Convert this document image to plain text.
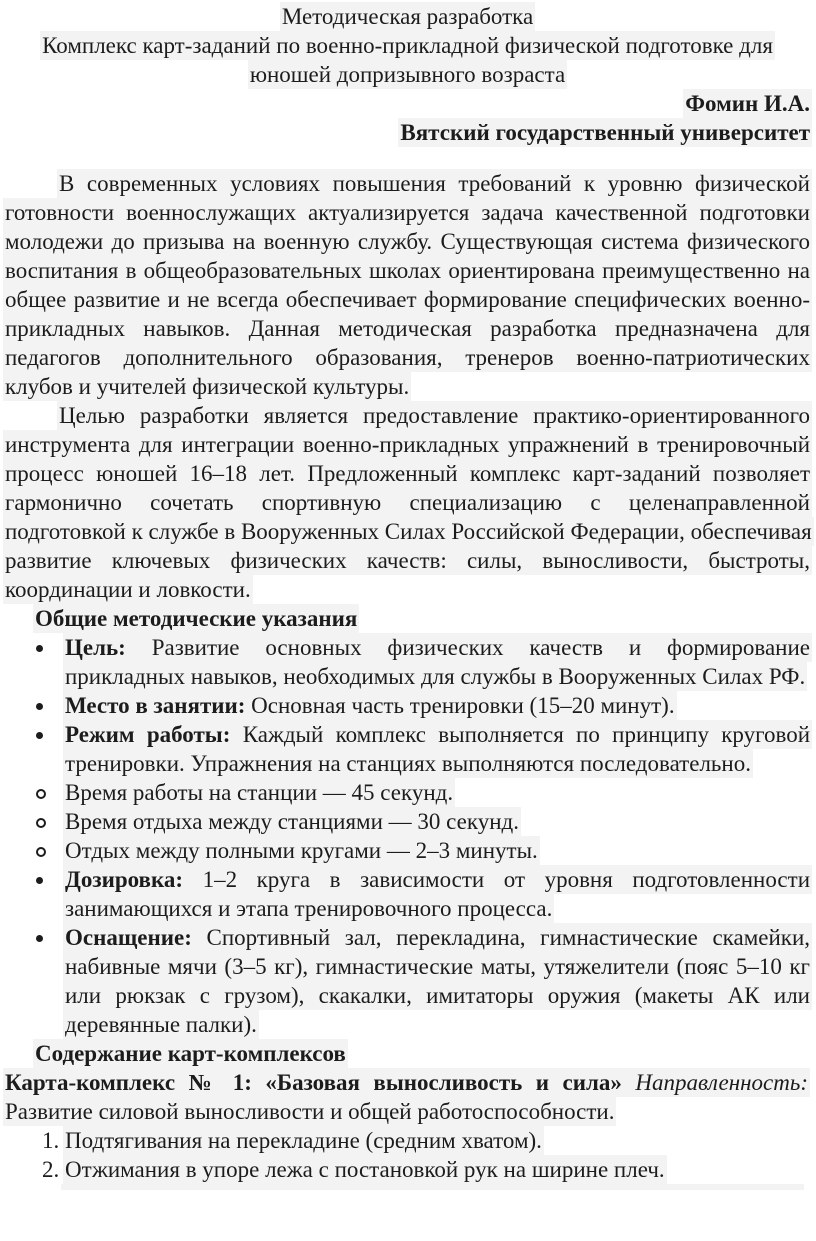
Методическая разработка

Комплекс карт-заданий по военно-прикладной физической подготовке для юношей допризывного возраста

Фомин И.А.

Вятский государственный университет

В современных условиях повышения требований к уровню физической готовности военнослужащих актуализируется задача качественной подготовки молодежи до призыва на военную службу. Существующая система физического воспитания в общеобразовательных школах ориентирована преимущественно на общее развитие и не всегда обеспечивает формирование специфических военно-прикладных навыков. Данная методическая разработка предназначена для педагогов дополнительного образования, тренеров военно-патриотических клубов и учителей физической культуры.

Целью разработки является предоставление практико-ориентированного инструмента для интеграции военно-прикладных упражнений в тренировочный процесс юношей 16–18 лет. Предложенный комплекс карт-заданий позволяет гармонично сочетать спортивную специализацию с целенаправленной подготовкой к службе в Вооруженных Силах Российской Федерации, обеспечивая развитие ключевых физических качеств: силы, выносливости, быстроты, координации и ловкости.

Общие методические указания

Цель: Развитие основных физических качеств и формирование прикладных навыков, необходимых для службы в Вооруженных Силах РФ.
Место в занятии: Основная часть тренировки (15–20 минут).
Режим работы: Каждый комплекс выполняется по принципу круговой тренировки. Упражнения на станциях выполняются последовательно.
Время работы на станции — 45 секунд.
Время отдыха между станциями — 30 секунд.
Отдых между полными кругами — 2–3 минуты.
Дозировка: 1–2 круга в зависимости от уровня подготовленности занимающихся и этапа тренировочного процесса.
Оснащение: Спортивный зал, перекладина, гимнастические скамейки, набивные мячи (3–5 кг), гимнастические маты, утяжелители (пояс 5–10 кг или рюкзак с грузом), скакалки, имитаторы оружия (макеты АК или деревянные палки).

Содержание карт-комплексов

Карта-комплекс № 1: «Базовая выносливость и сила» Направленность: Развитие силовой выносливости и общей работоспособности.

1. Подтягивания на перекладине (средним хватом).
2. Отжимания в упоре лежа с постановкой рук на ширине плеч.
